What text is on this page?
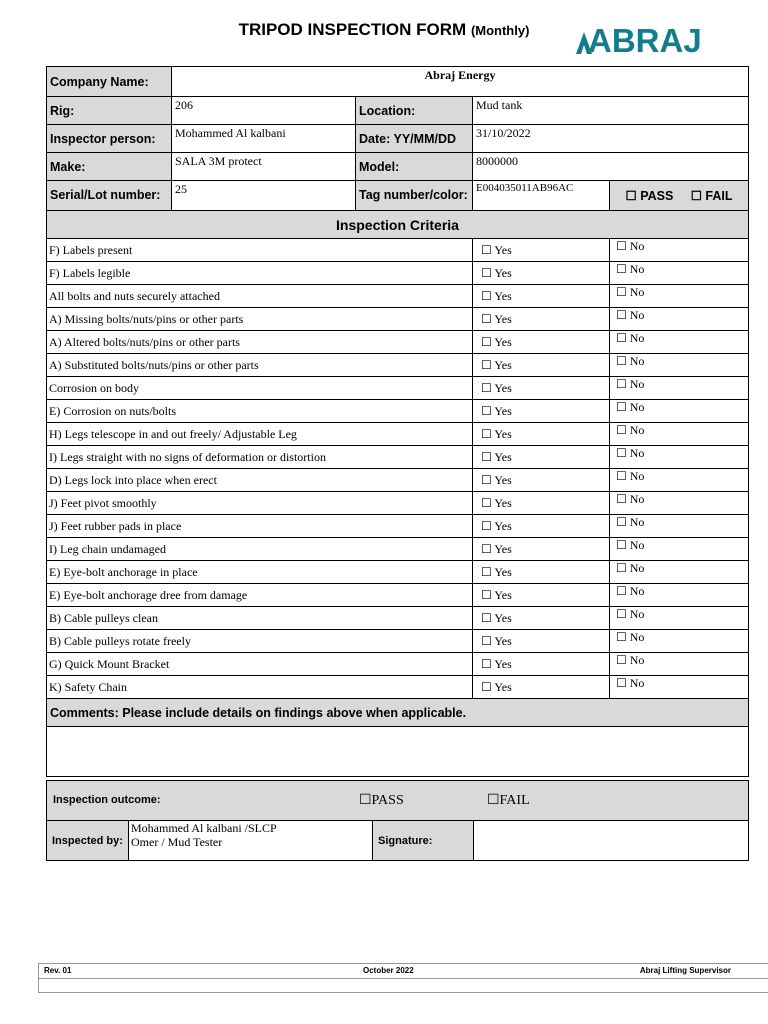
TRIPOD INSPECTION FORM (Monthly)	ABRAJ
Company Name:	Abraj Energy			
Rig:	206	Location:	Mud tank	
Inspector person:	Mohammed Al kalbani	Date: YY/MM/DD	31/10/2022	
Make:	SALA 3M protect	Model:	8000000	
Serial/Lot number:	25	Tag number/color:	E004035011AB96AC	☐ PASS ☐ FAIL
Inspection Criteria				
F) Labels present			☐ Yes	☐ No
F) Labels legible			☐ Yes	☐ No
All bolts and nuts securely attached			☐ Yes	☐ No
A) Missing bolts/nuts/pins or other parts			☐ Yes	☐ No
A) Altered bolts/nuts/pins or other parts			☐ Yes	☐ No
A) Substituted bolts/nuts/pins or other parts			☐ Yes	☐ No
Corrosion on body			☐ Yes	☐ No
E) Corrosion on nuts/bolts			☐ Yes	☐ No
H) Legs telescope in and out freely/ Adjustable Leg			☐ Yes	☐ No
I) Legs straight with no signs of deformation or distortion			☐ Yes	☐ No
D) Legs lock into place when erect			☐ Yes	☐ No
J) Feet pivot smoothly			☐ Yes	☐ No
J) Feet rubber pads in place			☐ Yes	☐ No
I) Leg chain undamaged			☐ Yes	☐ No
E) Eye-bolt anchorage in place			☐ Yes	☐ No
E) Eye-bolt anchorage dree from damage			☐ Yes	☐ No
B) Cable pulleys clean			☐ Yes	☐ No
B) Cable pulleys rotate freely			☐ Yes	☐ No
G) Quick Mount Bracket			☐ Yes	☐ No
K) Safety Chain			☐ Yes	☐ No
Comments: Please include details on findings above when applicable.				

Inspection outcome:	☐PASS	☐FAIL

Inspected by:	
Mohammed Al kalbani /SLCP
Omer / Mud Tester	Signature:	
Rev. 01	October 2022	Abraj Lifting Supervisor
